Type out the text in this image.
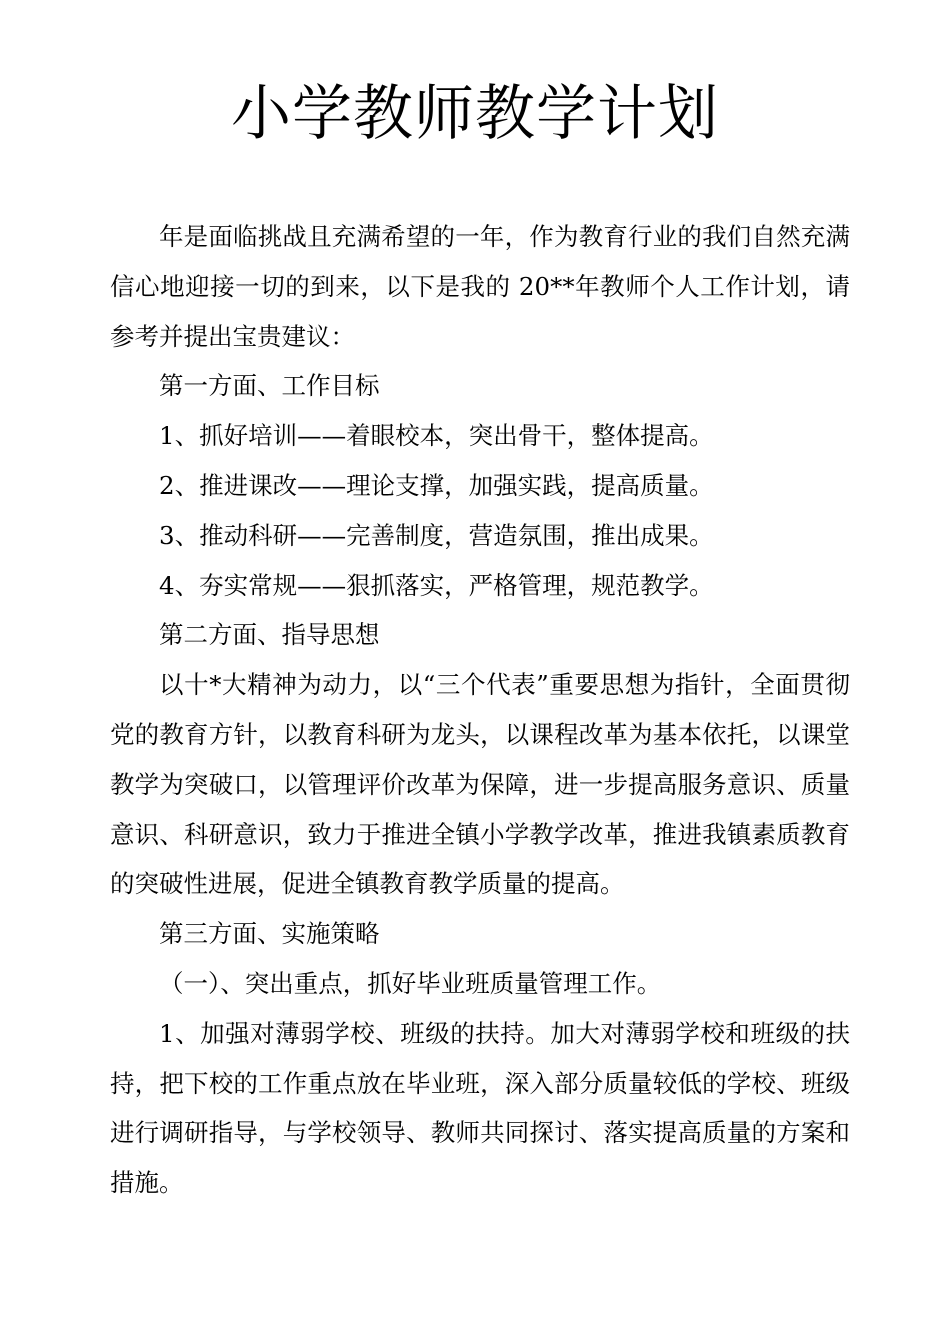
小学教师教学计划

年是面临挑战且充满希望的一年，作为教育行业的我们自然充满信心地迎接一切的到来，以下是我的 20**年教师个人工作计划，请参考并提出宝贵建议：

第一方面、工作目标

1、抓好培训——着眼校本，突出骨干，整体提高。

2、推进课改——理论支撑，加强实践，提高质量。

3、推动科研——完善制度，营造氛围，推出成果。

4、夯实常规——狠抓落实，严格管理，规范教学。

第二方面、指导思想

以十*大精神为动力，以“三个代表”重要思想为指针，全面贯彻党的教育方针，以教育科研为龙头，以课程改革为基本依托，以课堂教学为突破口，以管理评价改革为保障，进一步提高服务意识、质量意识、科研意识，致力于推进全镇小学教学改革，推进我镇素质教育的突破性进展，促进全镇教育教学质量的提高。

第三方面、实施策略

（一）、突出重点，抓好毕业班质量管理工作。

1、加强对薄弱学校、班级的扶持。加大对薄弱学校和班级的扶持，把下校的工作重点放在毕业班，深入部分质量较低的学校、班级进行调研指导，与学校领导、教师共同探讨、落实提高质量的方案和措施。
